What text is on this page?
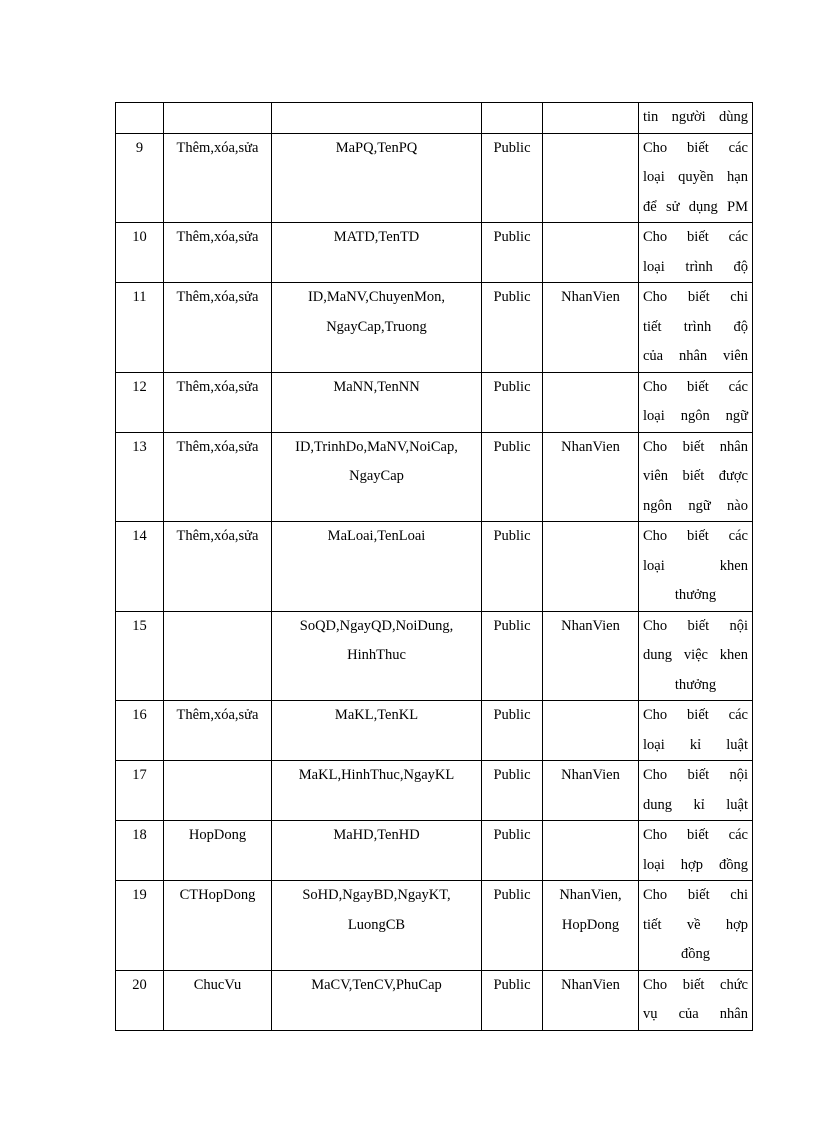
					tin người dùng

9	Thêm,xóa,sửa	MaPQ,TenPQ	Public		Cho biết các
loại quyền hạn
để sử dụng PM

10	Thêm,xóa,sửa	MATD,TenTD	Public		Cho biết các
loại trình độ

11	Thêm,xóa,sửa	ID,MaNV,ChuyenMon,
NgayCap,Truong	Public	NhanVien	Cho biết chi
tiết trình độ
của nhân viên

12	Thêm,xóa,sửa	MaNN,TenNN	Public		Cho biết các
loại ngôn ngữ

13	Thêm,xóa,sửa	ID,TrinhDo,MaNV,NoiCap,
NgayCap	Public	NhanVien	Cho biết nhân
viên biết được
ngôn ngữ nào

14	Thêm,xóa,sửa	MaLoai,TenLoai	Public		Cho biết các
loại khen
thưởng

15		SoQD,NgayQD,NoiDung,
HinhThuc	Public	NhanVien	Cho biết nội
dung việc khen
thưởng

16	Thêm,xóa,sửa	MaKL,TenKL	Public		Cho biết các
loại kỉ luật

17		MaKL,HinhThuc,NgayKL	Public	NhanVien	Cho biết nội
dung kỉ luật

18	HopDong	MaHD,TenHD	Public		Cho biết các
loại hợp đồng

19	CTHopDong	SoHD,NgayBD,NgayKT,
LuongCB	Public	NhanVien,
HopDong	Cho biết chi
tiết về hợp
đồng

20	ChucVu	MaCV,TenCV,PhuCap	Public	NhanVien	Cho biết chức
vụ của nhân
